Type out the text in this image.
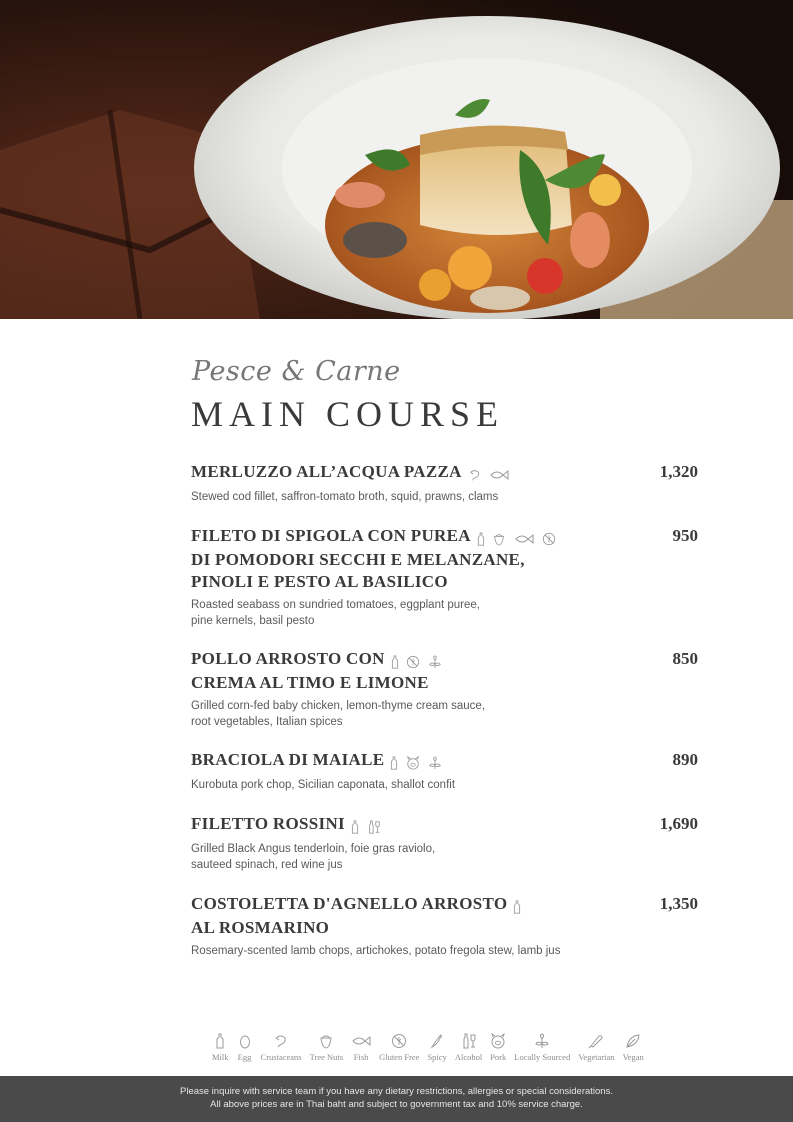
Pesce & Carne
MAIN COURSE
MERLUZZO ALL’ACQUA PAZZA
	1,320
Stewed cod fillet, saffron-tomato broth, squid, prawns, clams
FILETO DI SPIGOLA CON PUREA

DI POMODORI SECCHI E MELANZANE,
PINOLI E PESTO AL BASILICO
950
Roasted seabass on sundried tomatoes, eggplant puree,
pine kernels, basil pesto
POLLO ARROSTO CON

CREMA AL TIMO E LIMONE
850
Grilled corn-fed baby chicken, lemon-thyme cream sauce,
root vegetables, Italian spices
BRACIOLA DI MAIALE

	890
Kurobuta pork chop, Sicilian caponata, shallot confit
FILETTO ROSSINI
	1,690
Grilled Black Angus tenderloin, foie gras raviolo,
sauteed spinach, red wine jus
COSTOLETTA D'AGNELLO ARROSTO
AL ROSMARINO
1,350
Rosemary-scented lamb chops, artichokes, potato fregola stew, lamb jus
Milk Egg Crustaceans Tree Nuts Fish Gluten Free Spicy Alcohol Pork Locally Sourced Vegetarian Vegan
Please inquire with service team if you have any dietary restrictions, allergies or special considerations.
All above prices are in Thai baht and subject to government tax and 10% service charge.
